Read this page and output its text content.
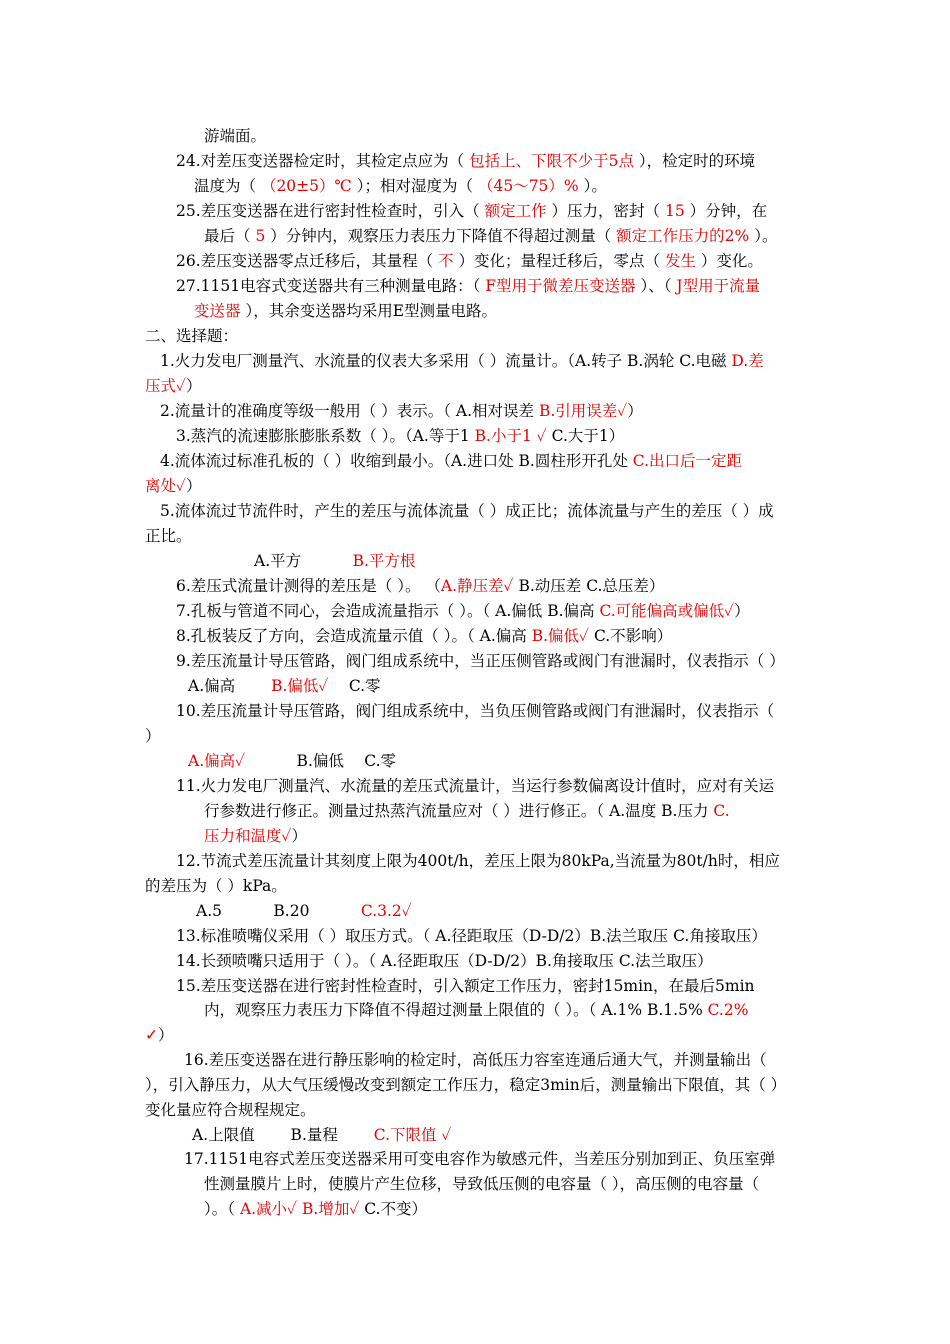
游端面。
24.对差压变送器检定时，其检定点应为（ 包括上、下限不少于5点 ），检定时的环境
温度为（ （20±5）℃ ）；相对湿度为（ （45～75）% ）。
25.差压变送器在进行密封性检查时，引入（ 额定工作 ）压力，密封（ 15 ）分钟，在
最后（ 5 ）分钟内，观察压力表压力下降值不得超过测量（ 额定工作压力的2% ）。
26.差压变送器零点迁移后，其量程（ 不 ）变化；量程迁移后，零点（ 发生 ）变化。
27.1151电容式变送器共有三种测量电路：（ F型用于微差压变送器 ）、（ J型用于流量
变送器 ），其余变送器均采用E型测量电路。
二、选择题：
1.火力发电厂测量汽、水流量的仪表大多采用（ ）流量计。（A.转子 B.涡轮 C.电磁 D.差
压式✓）
2.流量计的准确度等级一般用（ ）表示。（ A.相对误差 B.引用误差✓）
3.蒸汽的流速膨胀膨胀系数（ ）。（A.等于1 B.小于1 ✓ C.大于1）
4.流体流过标准孔板的（ ）收缩到最小。（A.进口处 B.圆柱形开孔处 C.出口后一定距
离处✓）
5.流体流过节流件时，产生的差压与流体流量（ ）成正比；流体流量与产生的差压（ ）成
正比。
A.平方　　　 B.平方根
6.差压式流量计测得的差压是（ ）。 （A.静压差✓ B.动压差 C.总压差）
7.孔板与管道不同心，会造成流量指示（ ）。（ A.偏低 B.偏高 C.可能偏高或偏低✓）
8.孔板装反了方向，会造成流量示值（ ）。（ A.偏高 B.偏低✓ C.不影响）
9.差压流量计导压管路，阀门组成系统中，当正压侧管路或阀门有泄漏时，仪表指示（ ）
A.偏高　　 B.偏低✓ 　C.零
10.差压流量计导压管路，阀门组成系统中，当负压侧管路或阀门有泄漏时，仪表指示（
）
A.偏高✓ 　　　B.偏低　 C.零
11.火力发电厂测量汽、水流量的差压式流量计，当运行参数偏离设计值时，应对有关运
行参数进行修正。测量过热蒸汽流量应对（ ）进行修正。（ A.温度 B.压力 C.
压力和温度✓）
12.节流式差压流量计其刻度上限为400t/h，差压上限为80kPa,当流量为80t/h时，相应
的差压为（ ）kPa。
A.5　　　 B.20　　　 C.3.2✓
13.标准喷嘴仪采用（ ）取压方式。（ A.径距取压（D-D/2）B.法兰取压 C.角接取压）
14.长颈喷嘴只适用于（ ）。（ A.径距取压（D-D/2）B.角接取压 C.法兰取压）
15.差压变送器在进行密封性检查时，引入额定工作压力，密封15min，在最后5min
内，观察压力表压力下降值不得超过测量上限值的（ ）。（ A.1% B.1.5% C.2%
✓）
16.差压变送器在进行静压影响的检定时，高低压力容室连通后通大气，并测量输出（
），引入静压力，从大气压缓慢改变到额定工作压力，稳定3min后，测量输出下限值，其（ ）
变化量应符合规程规定。
A.上限值　　 B.量程　　 C.下限值 ✓
17.1151电容式差压变送器采用可变电容作为敏感元件，当差压分别加到正、负压室弹
性测量膜片上时，使膜片产生位移，导致低压侧的电容量（ ），高压侧的电容量（
）。（ A.减小✓ B.增加✓ C.不变）
